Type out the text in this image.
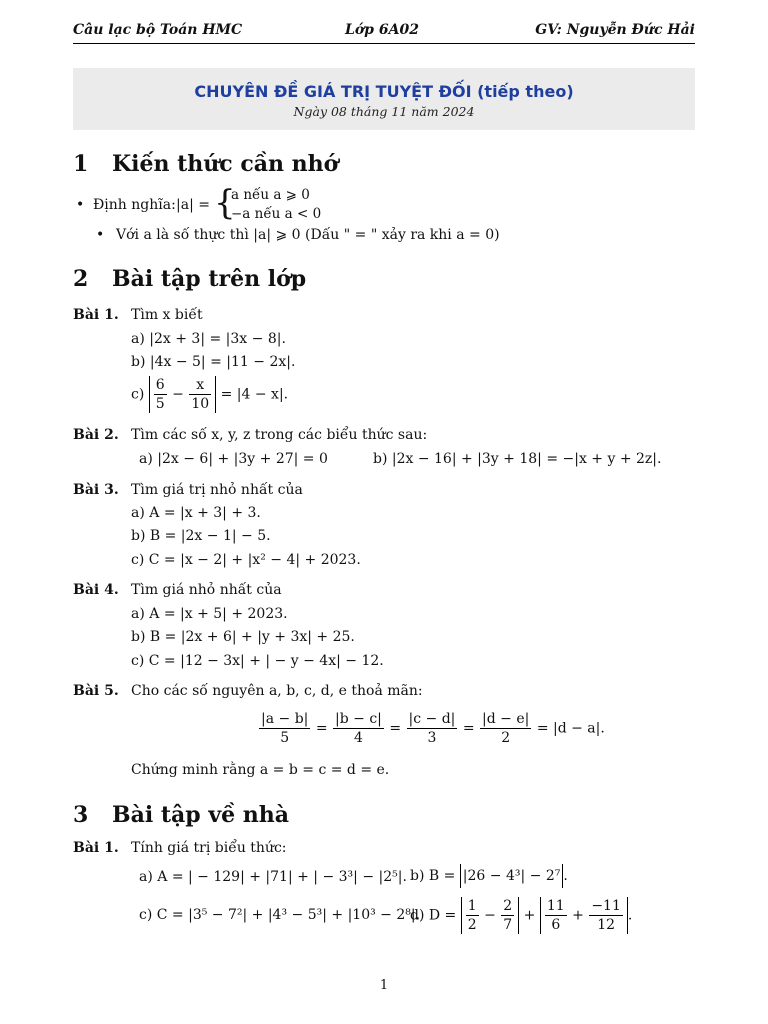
Câu lạc bộ Toán HMC	Lớp 6A02	GV: Nguyễn Đức Hải
CHUYÊN ĐỀ GIÁ TRỊ TUYỆT ĐỐI (tiếp theo)
Ngày 08 tháng 11 năm 2024
1 Kiến thức cần nhớ
• Định nghĩa: |a| = {
a nếu a ⩾ 0
−a nếu a < 0
• Với a là số thực thì |a| ⩾ 0 (Dấu " = " xảy ra khi a = 0)
2 Bài tập trên lớp
Bài 1. Tìm x biết
a) |2x + 3| = |3x − 8|.
b) |4x − 5| = |11 − 2x|.
$c) \frac{6}{5} - \frac{x}{10} = |4 - x|$.
Bài 2. Tìm các số x, y, z trong các biểu thức sau:
a) |2x − 6| + |3y + 27| = 0	b) |2x − 16| + |3y + 18| = −|x + y + 2z|.
Bài 3. Tìm giá trị nhỏ nhất của
a) A = |x + 3| + 3.
b) B = |2x − 1| − 5.
c) C = |x − 2| + |x² − 4| + 2023.
Bài 4. Tìm giá nhỏ nhất của
a) A = |x + 5| + 2023.
b) B = |2x + 6| + |y + 3x| + 25.
c) C = |12 − 3x| + | − y − 4x| − 12.
Bài 5. Cho các số nguyên a, b, c, d, e thoả mãn:
$\frac{|a - b|}{5} = \frac{|b - c|}{4} = \frac{|c - d|}{3} = \frac{|d - e|}{2} = |d - a|$.
Chứng minh rằng a = b = c = d = e.
3 Bài tập về nhà
Bài 1. Tính giá trị biểu thức:
a) A = | − 129| + |71| + | − 3³| − |2⁵|. b) B = |26 − 4³| − 2⁷ .
c) C = |3⁵ − 7²| + |4³ − 5³| + |10³ − 2⁸|.
d) $D = \frac{1}{2} - \frac{2}{7} + \frac{11}{6} + \frac{-11}{12}$ .
1
